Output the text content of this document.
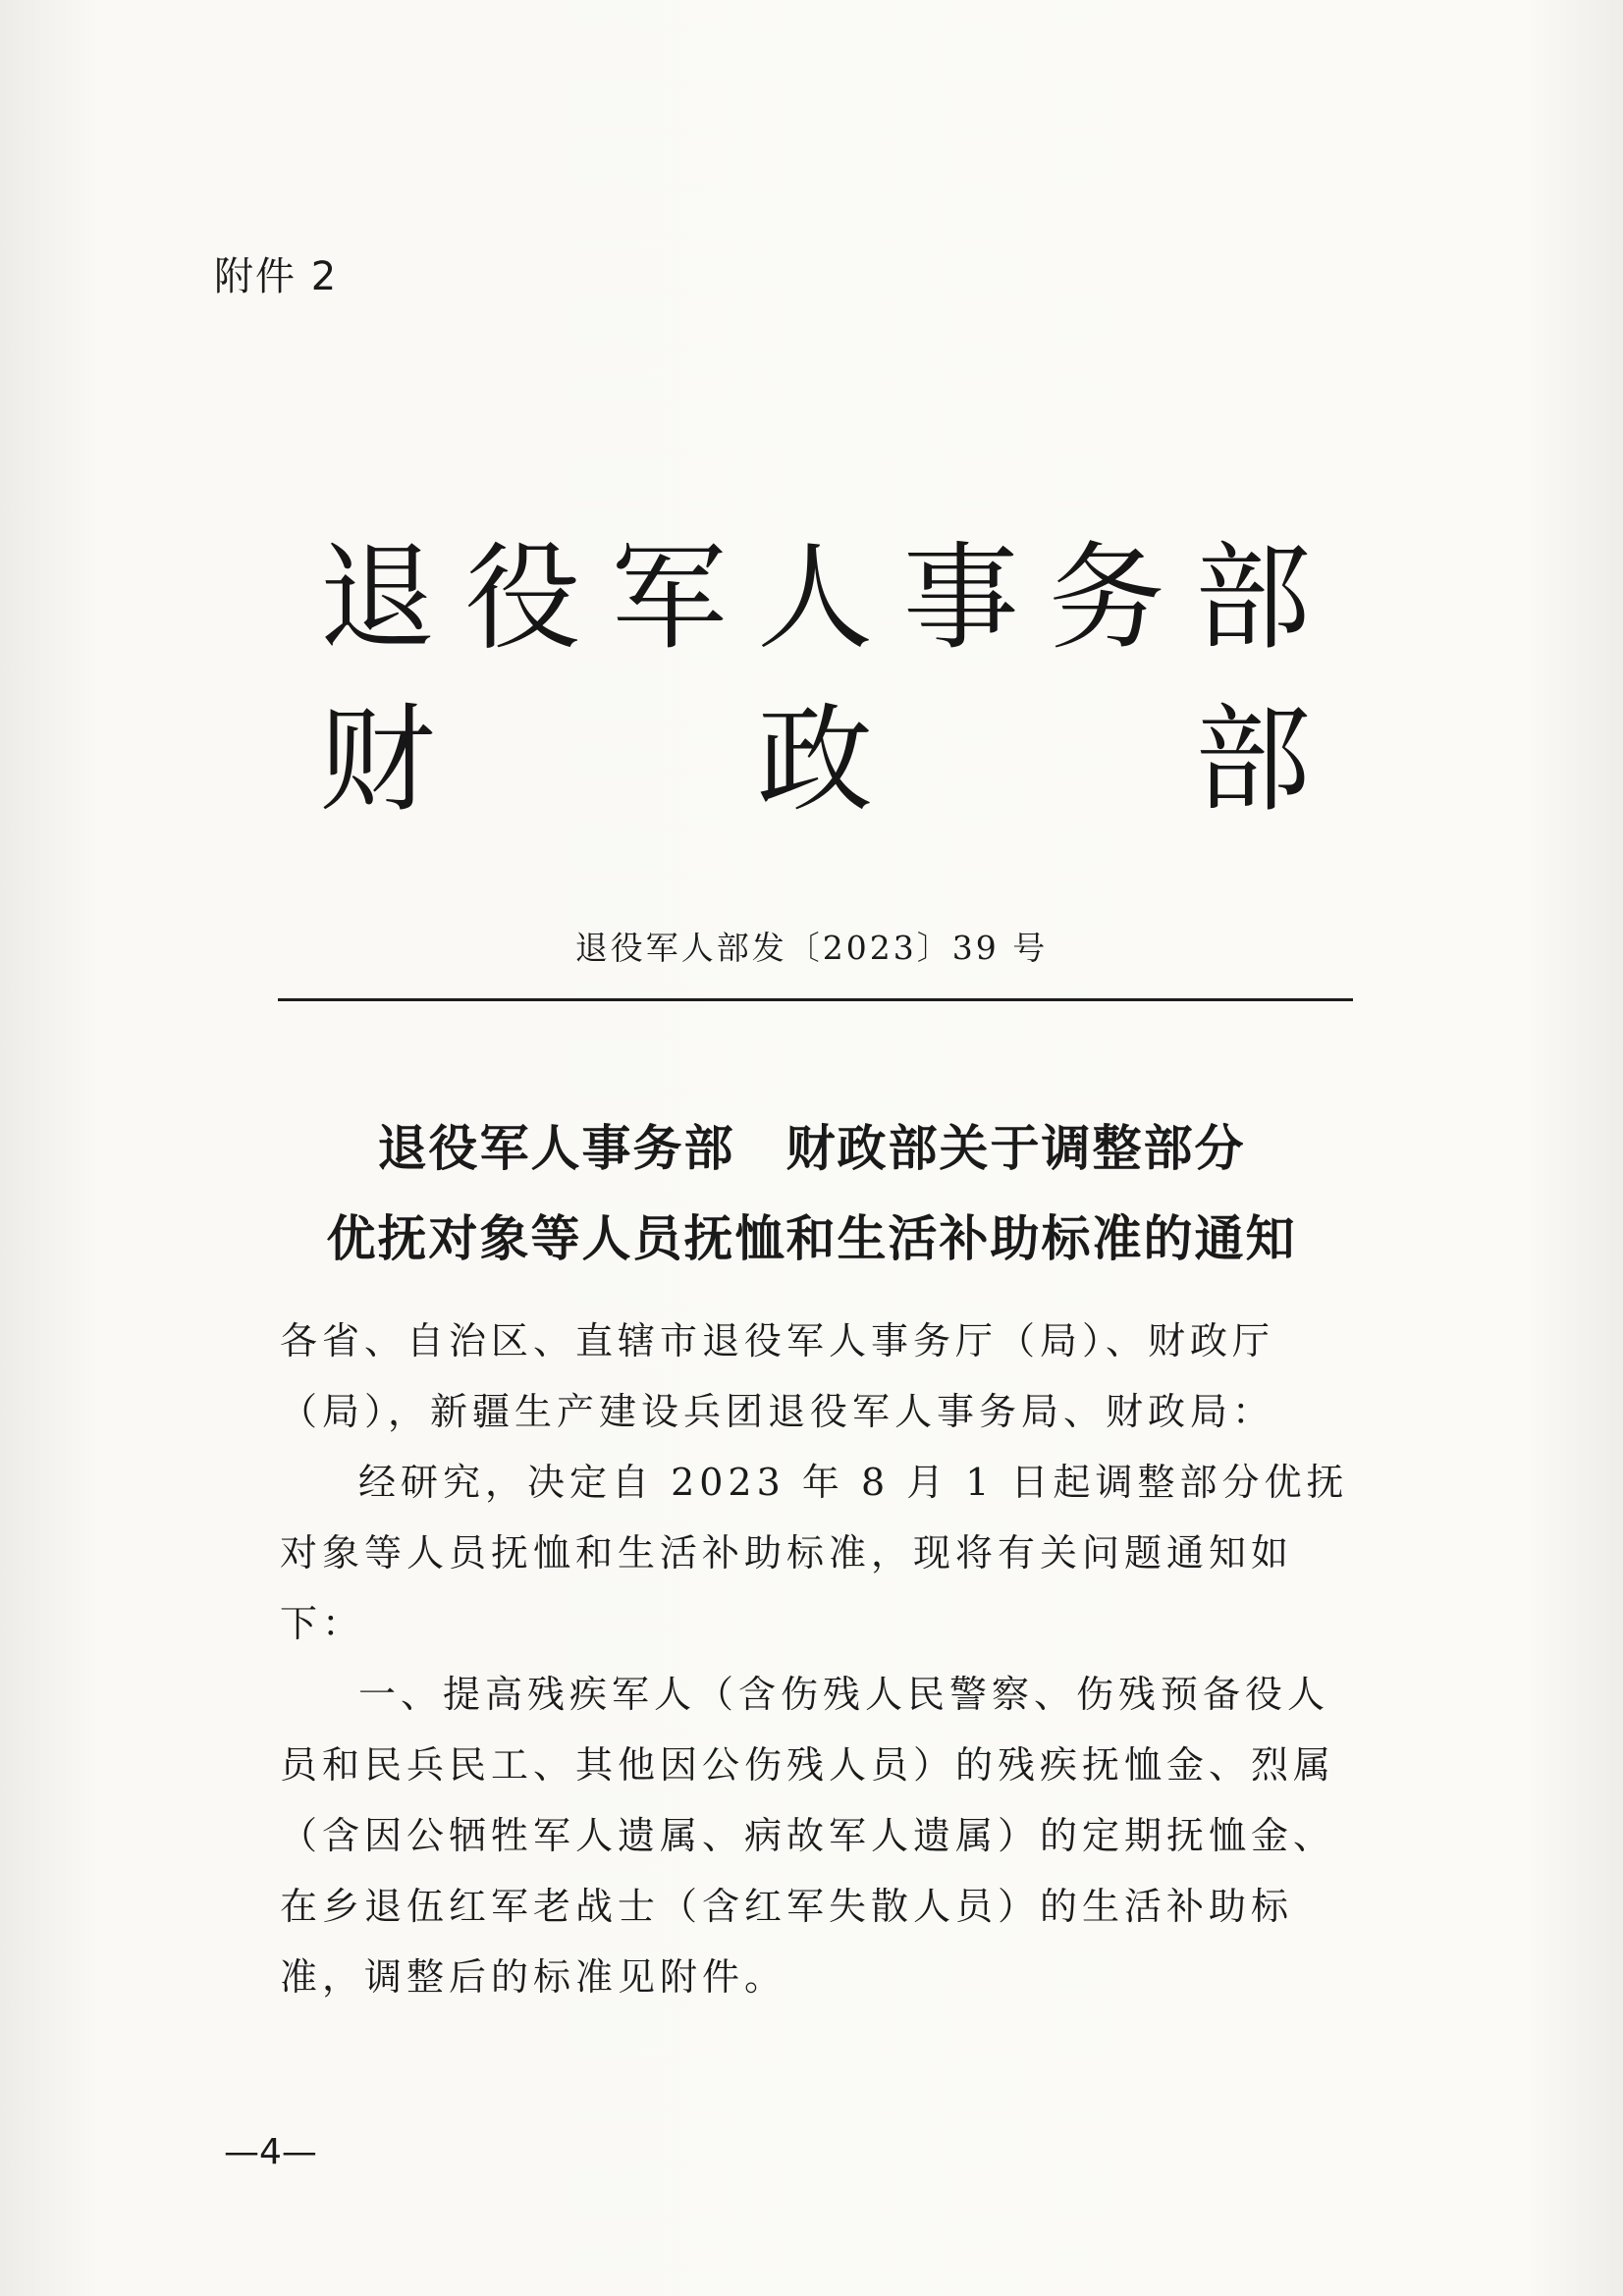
附件 2
退 役 军 人 事 务 部
财	政	部
退役军人部发〔2023〕39 号
退役军人事务部　财政部关于调整部分
优抚对象等人员抚恤和生活补助标准的通知

各省、自治区、直辖市退役军人事务厅（局）、财政厅（局），新疆生产建设兵团退役军人事务局、财政局：

经研究，决定自 2023 年 8 月 1 日起调整部分优抚对象等人员抚恤和生活补助标准，现将有关问题通知如下：

一、提高残疾军人（含伤残人民警察、伤残预备役人员和民兵民工、其他因公伤残人员）的残疾抚恤金、烈属（含因公牺牲军人遗属、病故军人遗属）的定期抚恤金、在乡退伍红军老战士（含红军失散人员）的生活补助标准，调整后的标准见附件。

—4—
